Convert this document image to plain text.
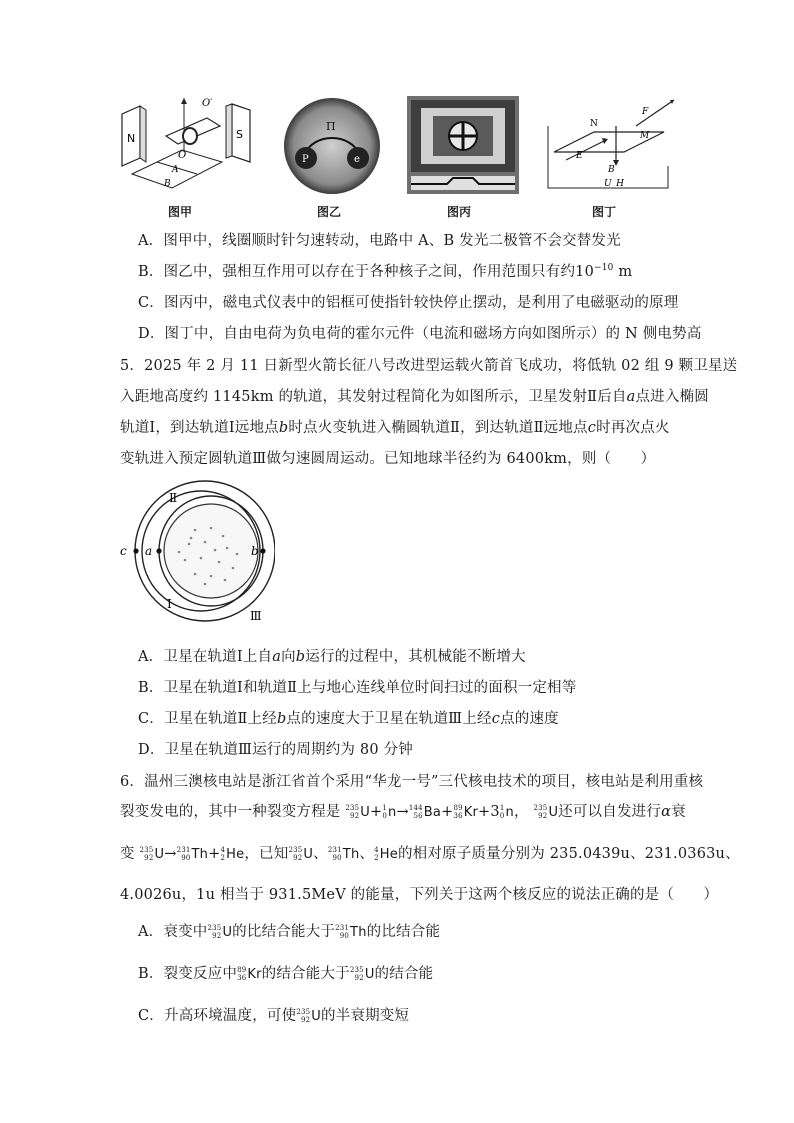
N	S
O′
O
A
B
图甲
P	e
Π
图乙	图丙
N
F
M
E
B
U_H
图丁
A．图甲中，线圈顺时针匀速转动，电路中 A、B 发光二极管不会交替发光
B．图乙中，强相互作用可以存在于各种核子之间，作用范围只有约$10^{-10}$ m
C．图丙中，磁电式仪表中的铝框可使指针较快停止摆动，是利用了电磁驱动的原理
D．图丁中，自由电荷为负电荷的霍尔元件（电流和磁场方向如图所示）的 N 侧电势高
5．2025 年 2 月 11 日新型火箭长征八号改进型运载火箭首飞成功，将低轨 02 组 9 颗卫星送
入距地高度约 1145km 的轨道，其发射过程简化为如图所示，卫星发射Ⅱ后自a点进入椭圆
轨道Ⅰ，到达轨道Ⅰ远地点b时点火变轨进入椭圆轨道Ⅱ，到达轨道Ⅱ远地点c时再次点火
变轨进入预定圆轨道Ⅲ做匀速圆周运动。已知地球半径约为 6400km，则（　　）
c a	b
Ⅱ
Ⅰ
Ⅲ
A．卫星在轨道Ⅰ上自a向b运行的过程中，其机械能不断增大
B．卫星在轨道Ⅰ和轨道Ⅱ上与地心连线单位时间扫过的面积一定相等
C．卫星在轨道Ⅱ上经b点的速度大于卫星在轨道Ⅲ上经c点的速度
D．卫星在轨道Ⅲ运行的周期约为 80 分钟
6．温州三澳核电站是浙江省首个采用“华龙一号”三代核电技术的项目，核电站是利用重核
裂变发电的，其中一种裂变方程是 235
92 U + 1
0 n → 144
56 Ba + 89
36 Kr +3 1
0 n ， 235
92 U 还可以自发进行α衰
变 235
92 U → 231
90 Th + 4
2 He ，已知 235
92 U 、 231
90 Th 、 4
2 He 的相对原子质量分别为 235.0439u、231.0363u、
4.0026u，1u 相当于 931.5MeV 的能量，下列关于这两个核反应的说法正确的是（　　）
A．衰变中 235
92 U 的比结合能大于 231
90 Th 的比结合能
B．裂变反应中 89
36 Kr 的结合能大于 235
92 U 的结合能
C．升高环境温度，可使 235
92 U 的半衰期变短
